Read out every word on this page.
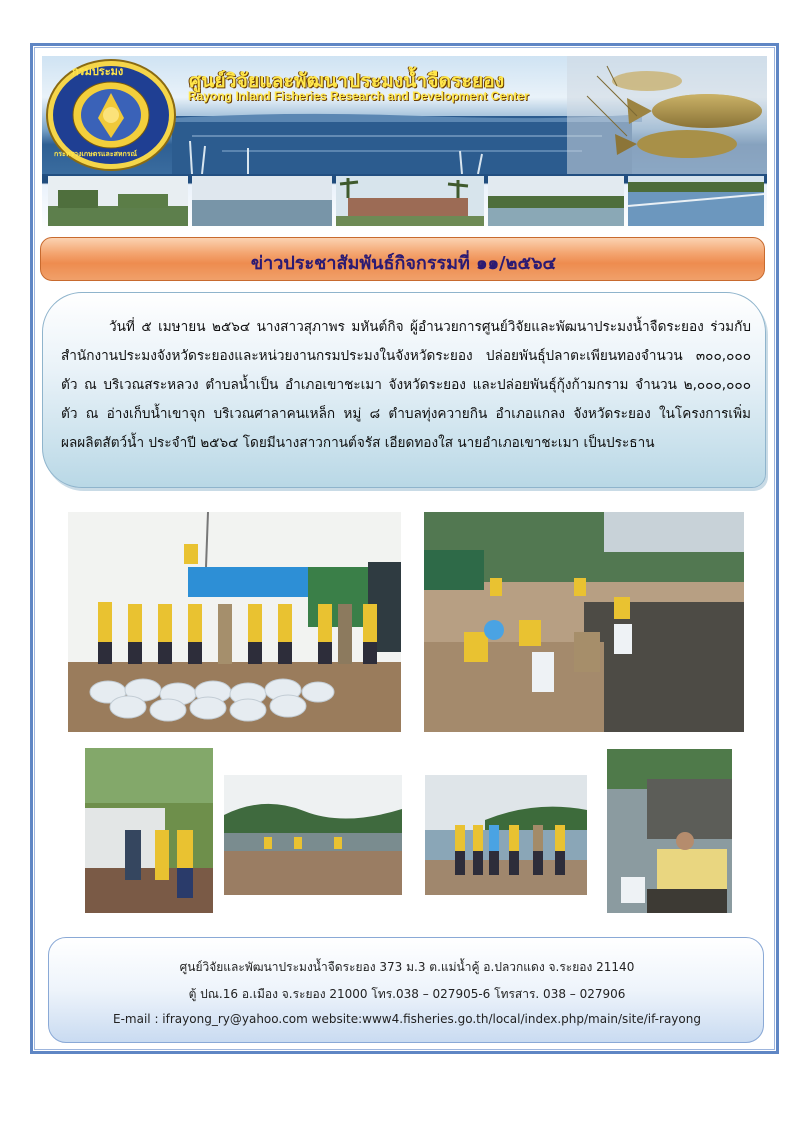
กรมประมง
กระทรวงเกษตรและสหกรณ์
ศูนย์วิจัยและพัฒนาประมงน้ำจืดระยอง
Rayong Inland Fisheries Research and Development Center
ข่าวประชาสัมพันธ์กิจกรรมที่ ๑๑/๒๕๖๔

วันที่ ๕ เมษายน ๒๕๖๔ นางสาวสุภาพร มหันต์กิจ ผู้อำนวยการศูนย์วิจัยและพัฒนาประมงน้ำจืดระยอง ร่วมกับสำนักงานประมงจังหวัดระยองและหน่วยงานกรมประมงในจังหวัดระยอง ปล่อยพันธุ์ปลาตะเพียนทองจำนวน ๓๐๐,๐๐๐ ตัว ณ บริเวณสระหลวง ตำบลน้ำเป็น อำเภอเขาชะเมา จังหวัดระยอง และปล่อยพันธุ์กุ้งก้ามกราม จำนวน ๒,๐๐๐,๐๐๐ ตัว ณ อ่างเก็บน้ำเขาจุก บริเวณศาลาคนเหล็ก หมู่ ๘ ตำบลทุ่งควายกิน อำเภอแกลง จังหวัดระยอง ในโครงการเพิ่มผลผลิตสัตว์น้ำ ประจำปี ๒๕๖๔ โดยมีนางสาวกานต์จรัส เอียดทองใส นายอำเภอเขาชะเมา เป็นประธาน

ศูนย์วิจัยและพัฒนาประมงน้ำจืดระยอง 373 ม.3 ต.แม่น้ำคู้ อ.ปลวกแดง จ.ระยอง 21140
ตู้ ปณ.16 อ.เมือง จ.ระยอง 21000 โทร.038 – 027905-6 โทรสาร. 038 – 027906
E-mail : ifrayong_ry@yahoo.com website:www4.fisheries.go.th/local/index.php/main/site/if-rayong
